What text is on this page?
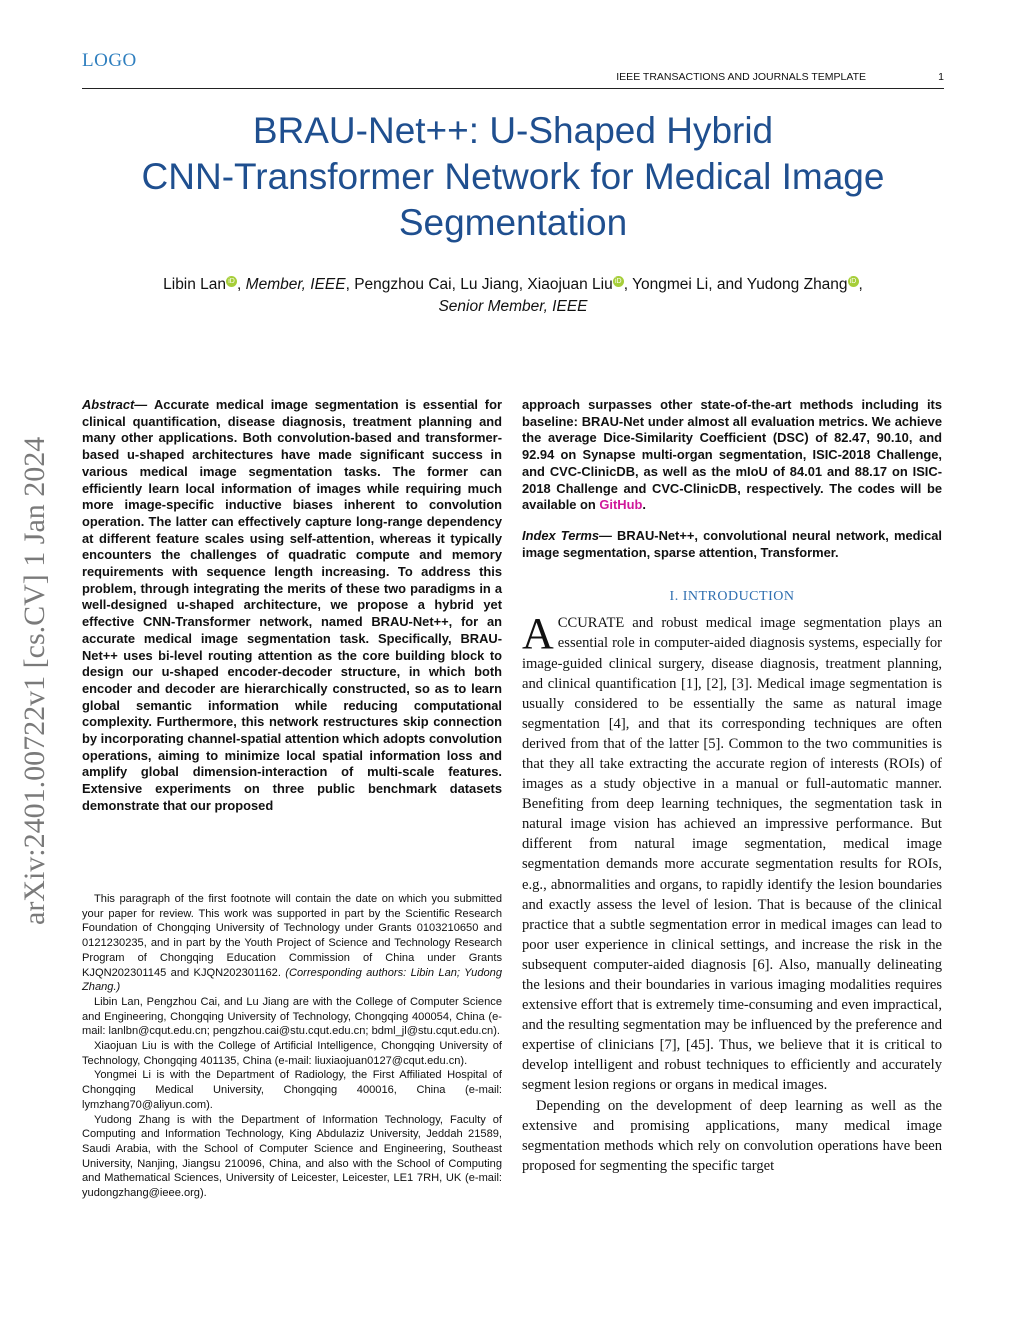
LOGO
IEEE TRANSACTIONS AND JOURNALS TEMPLATE	1
BRAU-Net++: U-Shaped Hybrid
CNN-Transformer Network for Medical Image
Segmentation
Libin Lan iD , Member, IEEE, Pengzhou Cai, Lu Jiang, Xiaojuan Liu iD , Yongmei Li, and Yudong Zhang iD ,
Senior Member, IEEE
arXiv:2401.00722v1 [cs.CV] 1 Jan 2024

Abstract— Accurate medical image segmentation is essential for clinical quantification, disease diagnosis, treatment planning and many other applications. Both convolution-based and transformer-based u-shaped architectures have made significant success in various medical image segmentation tasks. The former can efficiently learn local information of images while requiring much more image-specific inductive biases inherent to convolution operation. The latter can effectively capture long-range dependency at different feature scales using self-attention, whereas it typically encounters the challenges of quadratic compute and memory requirements with sequence length increasing. To address this problem, through integrating the merits of these two paradigms in a well-designed u-shaped architecture, we propose a hybrid yet effective CNN-Transformer network, named BRAU-Net++, for an accurate medical image segmentation task. Specifically, BRAU-Net++ uses bi-level routing attention as the core building block to design our u-shaped encoder-decoder structure, in which both encoder and decoder are hierarchically constructed, so as to learn global semantic information while reducing computational complexity. Furthermore, this network restructures skip connection by incorporating channel-spatial attention which adopts convolution operations, aiming to minimize local spatial information loss and amplify global dimension-interaction of multi-scale features. Extensive experiments on three public benchmark datasets demonstrate that our proposed

approach surpasses other state-of-the-art methods including its baseline: BRAU-Net under almost all evaluation metrics. We achieve the average Dice-Similarity Coefficient (DSC) of 82.47, 90.10, and 92.94 on Synapse multi-organ segmentation, ISIC-2018 Challenge, and CVC-ClinicDB, as well as the mIoU of 84.01 and 88.17 on ISIC-2018 Challenge and CVC-ClinicDB, respectively. The codes will be available on GitHub.

Index Terms— BRAU-Net++, convolutional neural network, medical image segmentation, sparse attention, Transformer.

I. INTRODUCTION

ACCURATE and robust medical image segmentation plays an essential role in computer-aided diagnosis systems, especially for image-guided clinical surgery, disease diagnosis, treatment planning, and clinical quantification [1], [2], [3]. Medical image segmentation is usually considered to be essentially the same as natural image segmentation [4], and that its corresponding techniques are often derived from that of the latter [5]. Common to the two communities is that they all take extracting the accurate region of interests (ROIs) of images as a study objective in a manual or full-automatic manner. Benefiting from deep learning techniques, the segmentation task in natural image vision has achieved an impressive performance. But different from natural image segmentation, medical image segmentation demands more accurate segmentation results for ROIs, e.g., abnormalities and organs, to rapidly identify the lesion boundaries and exactly assess the level of lesion. That is because of the clinical practice that a subtle segmentation error in medical images can lead to poor user experience in clinical settings, and increase the risk in the subsequent computer-aided diagnosis [6]. Also, manually delineating the lesions and their boundaries in various imaging modalities requires extensive effort that is extremely time-consuming and even impractical, and the resulting segmentation may be influenced by the preference and expertise of clinicians [7], [45]. Thus, we believe that it is critical to develop intelligent and robust techniques to efficiently and accurately segment lesion regions or organs in medical images.

Depending on the development of deep learning as well as the extensive and promising applications, many medical image segmentation methods which rely on convolution operations have been proposed for segmenting the specific target

This paragraph of the first footnote will contain the date on which you submitted your paper for review. This work was supported in part by the Scientific Research Foundation of Chongqing University of Technology under Grants 0103210650 and 0121230235, and in part by the Youth Project of Science and Technology Research Program of Chongqing Education Commission of China under Grants KJQN202301145 and KJQN202301162. (Corresponding authors: Libin Lan; Yudong Zhang.)

Libin Lan, Pengzhou Cai, and Lu Jiang are with the College of Computer Science and Engineering, Chongqing University of Technology, Chongqing 400054, China (e-mail: lanlbn@cqut.edu.cn; pengzhou.cai@stu.cqut.edu.cn; bdml_jl@stu.cqut.edu.cn).

Xiaojuan Liu is with the College of Artificial Intelligence, Chongqing University of Technology, Chongqing 401135, China (e-mail: liuxiaojuan0127@cqut.edu.cn).

Yongmei Li is with the Department of Radiology, the First Affiliated Hospital of Chongqing Medical University, Chongqing 400016, China (e-mail: lymzhang70@aliyun.com).

Yudong Zhang is with the Department of Information Technology, Faculty of Computing and Information Technology, King Abdulaziz University, Jeddah 21589, Saudi Arabia, with the School of Computer Science and Engineering, Southeast University, Nanjing, Jiangsu 210096, China, and also with the School of Computing and Mathematical Sciences, University of Leicester, Leicester, LE1 7RH, UK (e-mail: yudongzhang@ieee.org).
